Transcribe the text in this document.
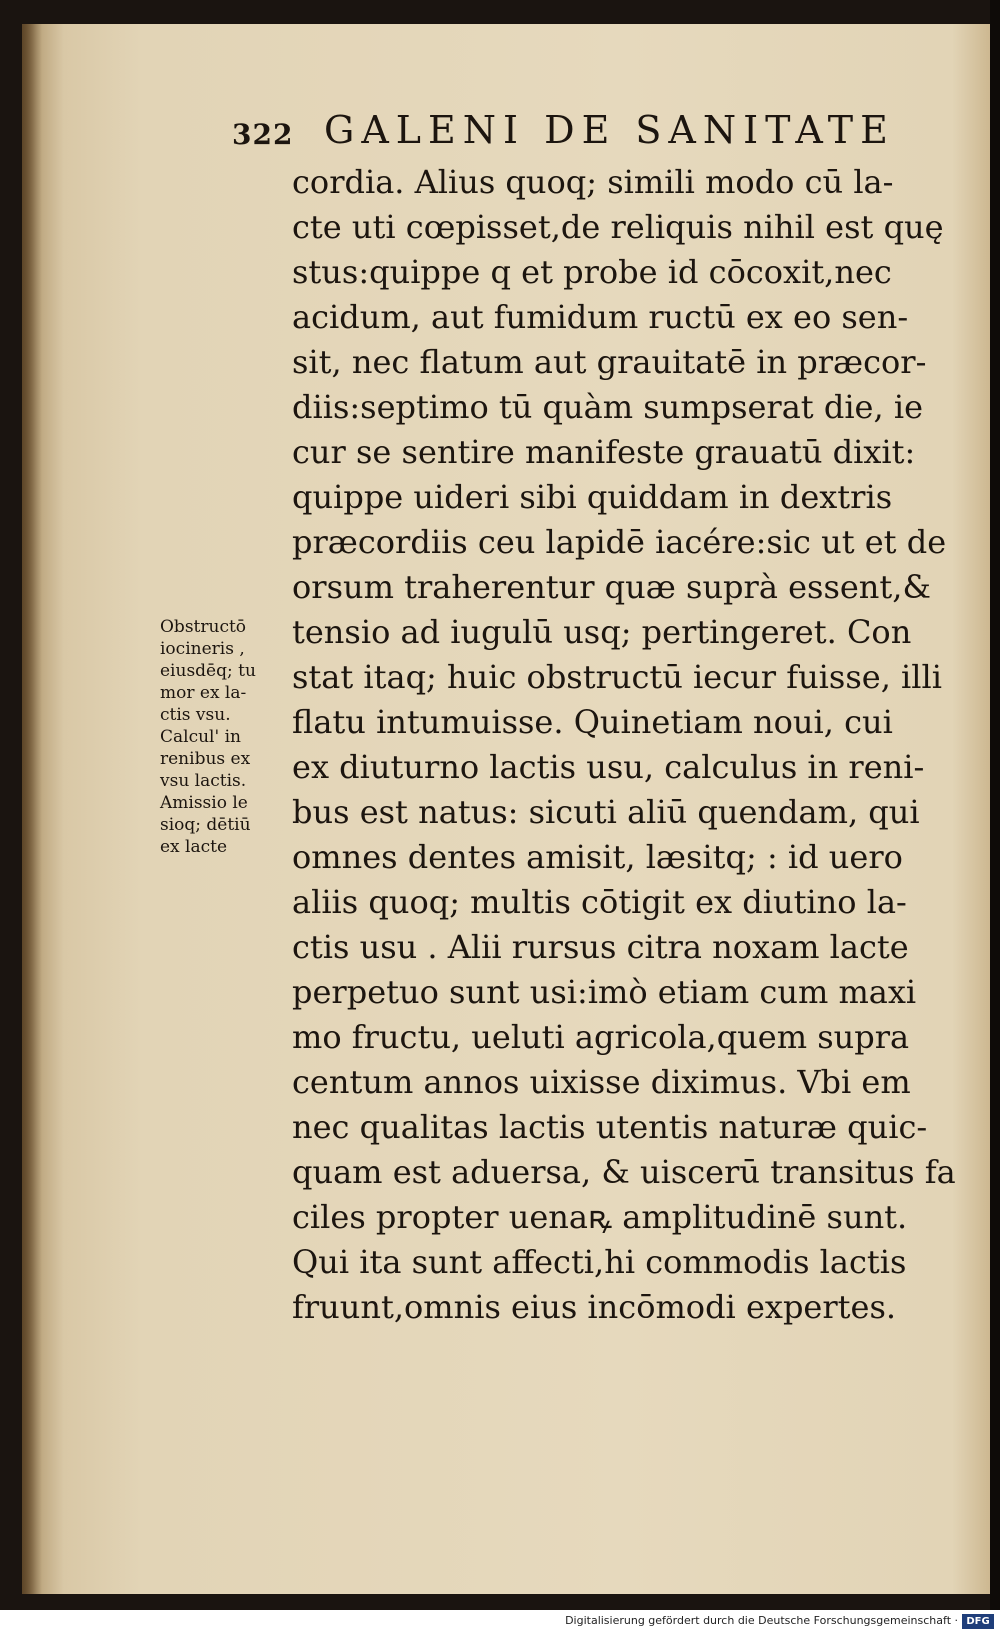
322 GALENI DE SANITATE
cordia. Alius quoq; simili modo cū la-
cte uti cœpisset,de reliquis nihil est quę
stus:quippe q et probe id cōcoxit,nec
acidum, aut fumidum ructū ex eo sen-
sit, nec flatum aut grauitatē in præcor-
diis:septimo tū quàm sumpserat die, ie
cur se sentire manifeste grauatū dixit:
quippe uideri sibi quiddam in dextris
præcordiis ceu lapidē iacére:sic ut et de
orsum traherentur quæ suprà essent,&
tensio ad iugulū usq; pertingeret. Con
stat itaq; huic obstructū iecur fuisse, illi
flatu intumuisse. Quinetiam noui, cui
ex diuturno lactis usu, calculus in reni-
bus est natus: sicuti aliū quendam, qui
omnes dentes amisit, læsitq; : id uero
aliis quoq; multis cōtigit ex diutino la-
ctis usu . Alii rursus citra noxam lacte
perpetuo sunt usi:imò etiam cum maxi
mo fructu, ueluti agricola,quem supra
centum annos uixisse diximus. Vbi em
nec qualitas lactis utentis naturæ quic-
quam est aduersa, & uiscerū transitus fa
ciles propter uenaꝶ amplitudinē sunt.
Qui ita sunt affecti,hi commodis lactis
fruunt,omnis eius incōmodi expertes.
Obstructō
iocineris ,
eiusdēq; tu
mor ex la-
ctis vsu.
Calcul' in
renibus ex
vsu lactis.
Amissio le
sioq; dētiū
ex lacte
Digitalisierung gefördert durch die Deutsche Forschungsgemeinschaft · DFG
